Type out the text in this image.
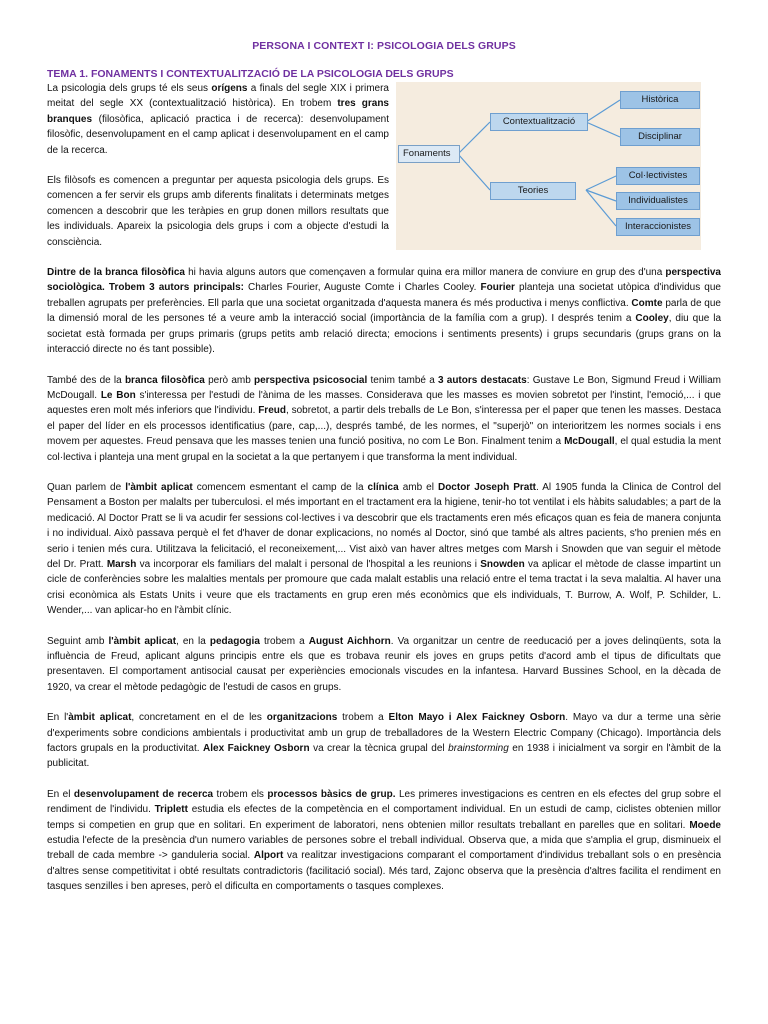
PERSONA I CONTEXT I: PSICOLOGIA DELS GRUPS
TEMA 1. FONAMENTS I CONTEXTUALITZACIÓ DE LA PSICOLOGIA DELS GRUPS

La psicologia dels grups té els seus orígens a finals del segle XIX i primera meitat del segle XX (contextualització històrica). En trobem tres grans branques (filosòfica, aplicació practica i de recerca): desenvolupament filosòfic, desenvolupament en el camp aplicat i desenvolupament en el camp de la recerca.

Els filòsofs es comencen a preguntar per aquesta psicologia dels grups. Es comencen a fer servir els grups amb diferents finalitats i determinats metges comencen a descobrir que les teràpies en grup donen millors resultats que les individuals. Apareix la psicologia dels grups i com a objecte d'estudi la consciència.

Fonaments
Contextualització
Teories
Històrica
Disciplinar
Col·lectivistes
Individualistes
Interaccionistes

Dintre de la branca filosòfica hi havia alguns autors que començaven a formular quina era millor manera de conviure en grup des d'una perspectiva sociològica. Trobem 3 autors principals: Charles Fourier, Auguste Comte i Charles Cooley. Fourier planteja una societat utòpica d'individus que treballen agrupats per preferències. Ell parla que una societat organitzada d'aquesta manera és més productiva i menys conflictiva. Comte parla de que la dimensió moral de les persones té a veure amb la interacció social (importància de la família com a grup). I després tenim a Cooley, diu que la societat està formada per grups primaris (grups petits amb relació directa; emocions i sentiments presents) i grups secundaris (grups grans on la interacció directe no és tant possible).

També des de la branca filosòfica però amb perspectiva psicosocial tenim també a 3 autors destacats: Gustave Le Bon, Sigmund Freud i William McDougall. Le Bon s'interessa per l'estudi de l'ànima de les masses. Considerava que les masses es movien sobretot per l'instint, l'emoció,... i que aquestes eren molt més inferiors que l'individu. Freud, sobretot, a partir dels treballs de Le Bon, s'interessa per el paper que tenen les masses. Destaca el paper del líder en els processos identificatius (pare, cap,...), després també, de les normes, el "superjò" on interioritzem les normes socials i ens movem per aquestes. Freud pensava que les masses tenien una funció positiva, no com Le Bon. Finalment tenim a McDougall, el qual estudia la ment col·lectiva i planteja una ment grupal en la societat a la que pertanyem i que transforma la ment individual.

Quan parlem de l'àmbit aplicat comencem esmentant el camp de la clínica amb el Doctor Joseph Pratt. Al 1905 funda la Clinica de Control del Pensament a Boston per malalts per tuberculosi. el més important en el tractament era la higiene, tenir-ho tot ventilat i els hàbits saludables; a part de la medicació. Al Doctor Pratt se li va acudir fer sessions col·lectives i va descobrir que els tractaments eren més eficaços quan es feia de manera conjunta i no individual. Això passava perquè el fet d'haver de donar explicacions, no només al Doctor, sinó que també als altres pacients, s'ho prenien més en serio i tenien més cura. Utilitzava la felicitació, el reconeixement,... Vist això van haver altres metges com Marsh i Snowden que van seguir el mètode del Dr. Pratt. Marsh va incorporar els familiars del malalt i personal de l'hospital a les reunions i Snowden va aplicar el mètode de classe impartint un cicle de conferències sobre les malalties mentals per promoure que cada malalt establis una relació entre el tema tractat i la seva malaltia. Al haver una crisi econòmica als Estats Units i veure que els tractaments en grup eren més econòmics que els individuals, T. Burrow, A. Wolf, P. Schilder, L. Wender,... van aplicar-ho en l'àmbit clínic.

Seguint amb l'àmbit aplicat, en la pedagogia trobem a August Aichhorn. Va organitzar un centre de reeducació per a joves delinqüents, sota la influència de Freud, aplicant alguns principis entre els que es trobava reunir els joves en grups petits d'acord amb el tipus de dificultats que presentaven. El comportament antisocial causat per experiències emocionals viscudes en la infantesa. Harvard Bussines School, en la dècada de 1920, va crear el mètode pedagògic de l'estudi de casos en grups.

En l'àmbit aplicat, concretament en el de les organitzacions trobem a Elton Mayo i Alex Faickney Osborn. Mayo va dur a terme una sèrie d'experiments sobre condicions ambientals i productivitat amb un grup de treballadores de la Western Electric Company (Chicago). Importància dels factors grupals en la productivitat. Alex Faickney Osborn va crear la tècnica grupal del brainstorming en 1938 i inicialment va sorgir en l'àmbit de la publicitat.

En el desenvolupament de recerca trobem els processos bàsics de grup. Les primeres investigacions es centren en els efectes del grup sobre el rendiment de l'individu. Triplett estudia els efectes de la competència en el comportament individual. En un estudi de camp, ciclistes obtenien millor temps si competien en grup que en solitari. En experiment de laboratori, nens obtenien millor resultats treballant en parelles que en solitari. Moede estudia l'efecte de la presència d'un numero variables de persones sobre el treball individual. Observa que, a mida que s'amplia el grup, disminueix el treball de cada membre -> ganduleria social. Alport va realitzar investigacions comparant el comportament d'individus treballant sols o en presència d'altres sense competitivitat i obté resultats contradictoris (facilitació social). Més tard, Zajonc observa que la presència d'altres facilita el rendiment en tasques senzilles i ben apreses, però el dificulta en comportaments o tasques complexes.
